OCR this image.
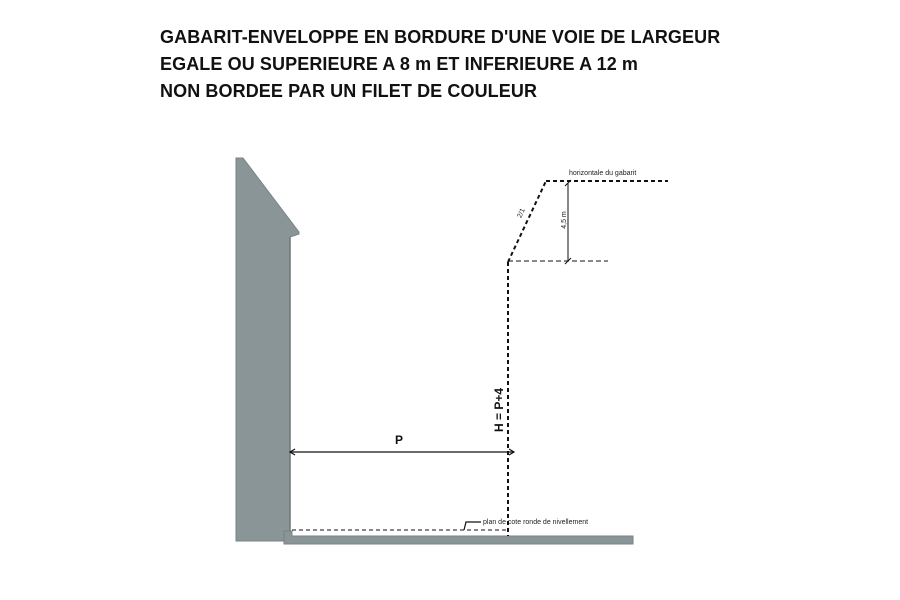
GABARIT-ENVELOPPE EN BORDURE D'UNE VOIE DE LARGEUR
EGALE OU SUPERIEURE A 8 m ET INFERIEURE A 12 m
NON BORDEE PAR UN FILET DE COULEUR
plan de cote ronde de nivellement
4,5 m
2/1
horizontale du gabarit
P
H = P+4
